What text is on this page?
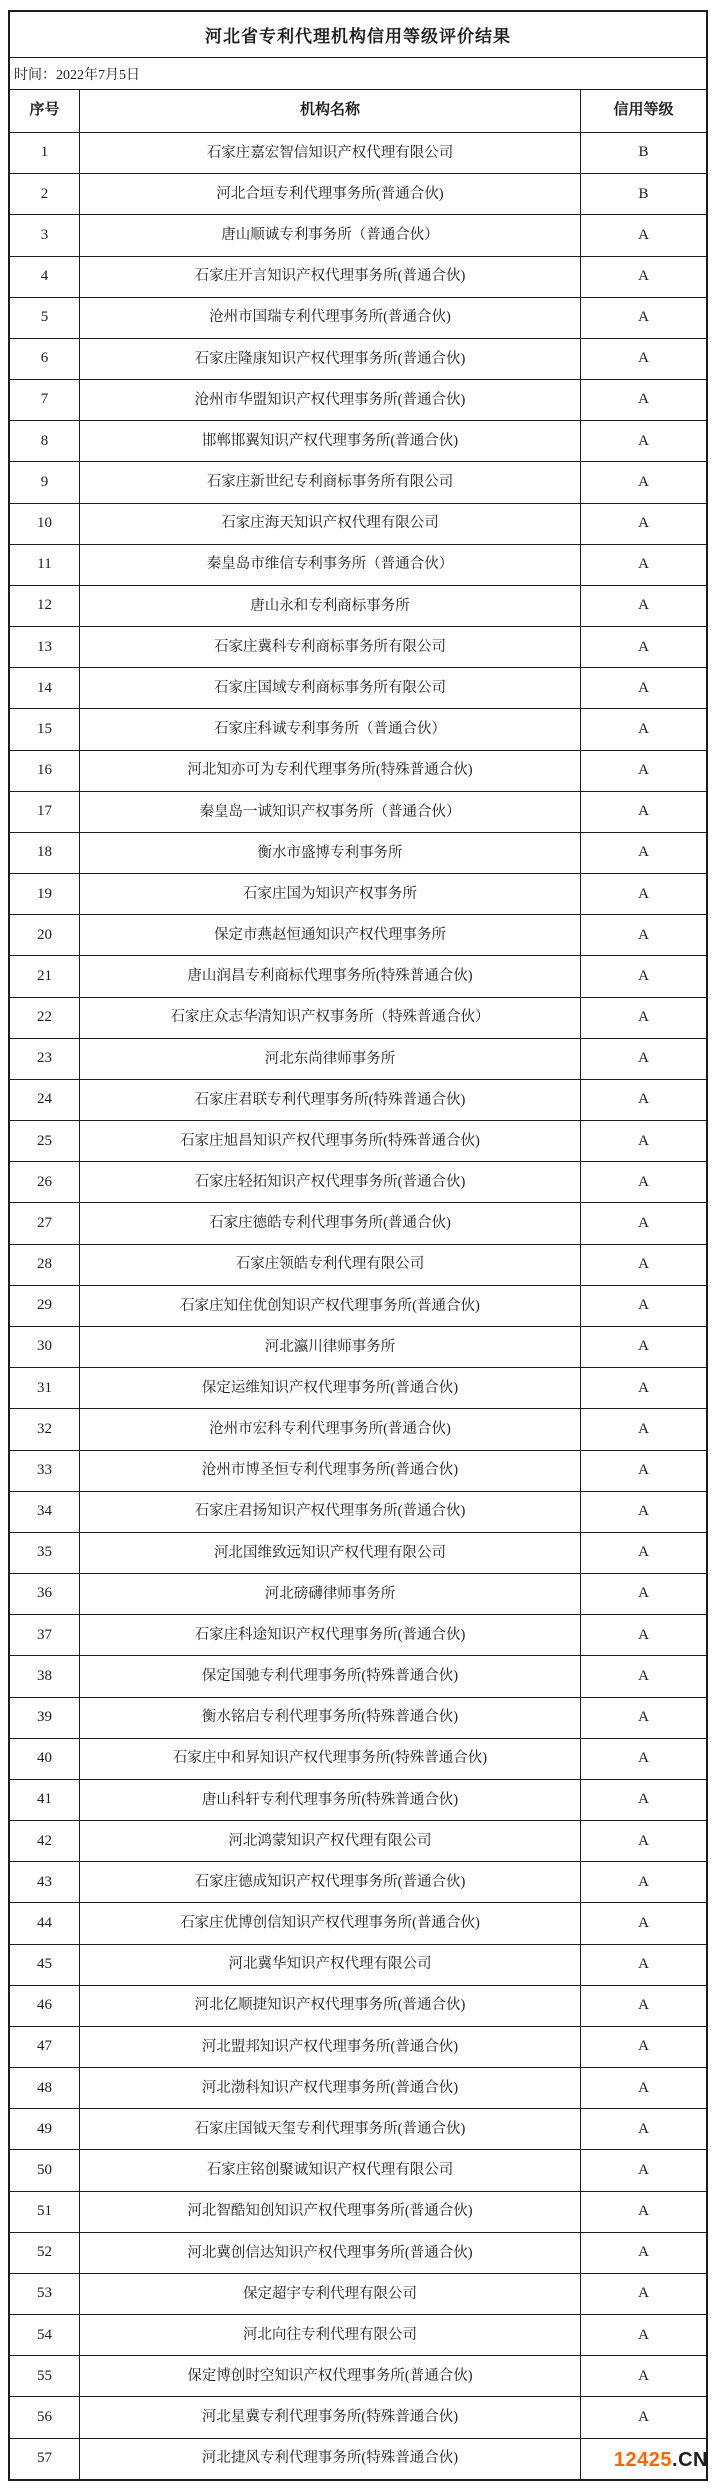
河北省专利代理机构信用等级评价结果
时间：2022年7月5日
序号	机构名称	信用等级
1	石家庄嘉宏智信知识产权代理有限公司	B
2	河北合垣专利代理事务所(普通合伙)	B
3	唐山顺诚专利事务所（普通合伙）	A
4	石家庄开言知识产权代理事务所(普通合伙)	A
5	沧州市国瑞专利代理事务所(普通合伙)	A
6	石家庄隆康知识产权代理事务所(普通合伙)	A
7	沧州市华盟知识产权代理事务所(普通合伙)	A
8	邯郸邯翼知识产权代理事务所(普通合伙)	A
9	石家庄新世纪专利商标事务所有限公司	A
10	石家庄海天知识产权代理有限公司	A
11	秦皇岛市维信专利事务所（普通合伙）	A
12	唐山永和专利商标事务所	A
13	石家庄冀科专利商标事务所有限公司	A
14	石家庄国域专利商标事务所有限公司	A
15	石家庄科诚专利事务所（普通合伙）	A
16	河北知亦可为专利代理事务所(特殊普通合伙)	A
17	秦皇岛一诚知识产权事务所（普通合伙）	A
18	衡水市盛博专利事务所	A
19	石家庄国为知识产权事务所	A
20	保定市燕赵恒通知识产权代理事务所	A
21	唐山润昌专利商标代理事务所(特殊普通合伙)	A
22	石家庄众志华清知识产权事务所（特殊普通合伙）	A
23	河北东尚律师事务所	A
24	石家庄君联专利代理事务所(特殊普通合伙)	A
25	石家庄旭昌知识产权代理事务所(特殊普通合伙)	A
26	石家庄轻拓知识产权代理事务所(普通合伙)	A
27	石家庄德皓专利代理事务所(普通合伙)	A
28	石家庄领皓专利代理有限公司	A
29	石家庄知住优创知识产权代理事务所(普通合伙)	A
30	河北瀛川律师事务所	A
31	保定运维知识产权代理事务所(普通合伙)	A
32	沧州市宏科专利代理事务所(普通合伙)	A
33	沧州市博圣恒专利代理事务所(普通合伙)	A
34	石家庄君扬知识产权代理事务所(普通合伙)	A
35	河北国维致远知识产权代理有限公司	A
36	河北磅礴律师事务所	A
37	石家庄科途知识产权代理事务所(普通合伙)	A
38	保定国驰专利代理事务所(特殊普通合伙)	A
39	衡水铭启专利代理事务所(特殊普通合伙)	A
40	石家庄中和昇知识产权代理事务所(特殊普通合伙)	A
41	唐山科轩专利代理事务所(特殊普通合伙)	A
42	河北鸿蒙知识产权代理有限公司	A
43	石家庄德成知识产权代理事务所(普通合伙)	A
44	石家庄优博创信知识产权代理事务所(普通合伙)	A
45	河北冀华知识产权代理有限公司	A
46	河北亿顺捷知识产权代理事务所(普通合伙)	A
47	河北盟邦知识产权代理事务所(普通合伙)	A
48	河北渤科知识产权代理事务所(普通合伙)	A
49	石家庄国钺天玺专利代理事务所(普通合伙)	A
50	石家庄铭创聚诚知识产权代理有限公司	A
51	河北智酷知创知识产权代理事务所(普通合伙)	A
52	河北冀创信达知识产权代理事务所(普通合伙)	A
53	保定超宇专利代理有限公司	A
54	河北向往专利代理有限公司	A
55	保定博创时空知识产权代理事务所(普通合伙)	A
56	河北星冀专利代理事务所(特殊普通合伙)	A
57	河北捷风专利代理事务所(特殊普通合伙)	12425.CN
